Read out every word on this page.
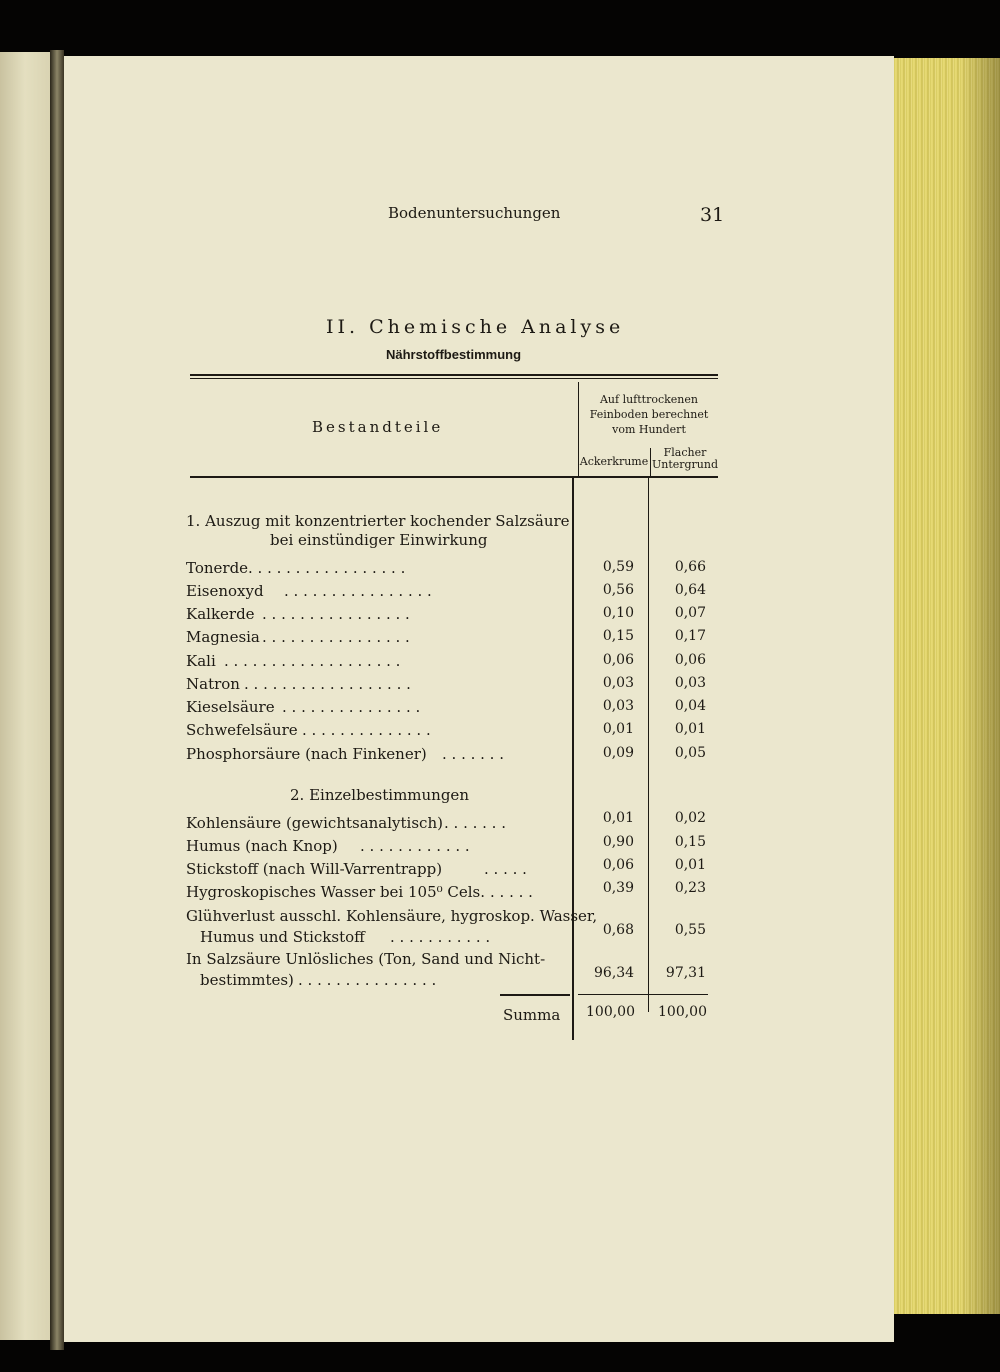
Bodenuntersuchungen	31
II. Chemische Analyse
Nährstoffbestimmung
Bestandteile
Auf lufttrockenen
Feinboden berechnet
vom Hundert
Ackerkrume
Flacher
Untergrund
1. Auszug mit konzentrierter kochender Salzsäure
bei einstündiger Einwirkung
Tonerde . . . . . . . . . . . . . . . . .	0,59	0,66
Eisenoxyd . . . . . . . . . . . . . . . .	0,56	0,64
Kalkerde . . . . . . . . . . . . . . . .	0,10	0,07
Magnesia . . . . . . . . . . . . . . . .	0,15	0,17
Kali . . . . . . . . . . . . . . . . . . .	0,06	0,06
Natron . . . . . . . . . . . . . . . . . .	0,03	0,03
Kieselsäure . . . . . . . . . . . . . . .	0,03	0,04
Schwefelsäure . . . . . . . . . . . . . .	0,01	0,01
Phosphorsäure (nach Finkener) . . . . . . .	0,09	0,05
2. Einzelbestimmungen
Kohlensäure (gewichtsanalytisch) . . . . . . .	0,01	0,02
Humus (nach Knop) . . . . . . . . . . . .	0,90	0,15
Stickstoff (nach Will-Varrentrapp)	. . . . .	0,06	0,01
Hygroskopisches Wasser bei 105⁰ Cels. . . . . .	0,39	0,23
Glühverlust ausschl. Kohlensäure, hygroskop. Wasser,
Humus und Stickstoff . . . . . . . . . . .	0,68	0,55
In Salzsäure Unlösliches (Ton, Sand und Nicht-
bestimmtes) . . . . . . . . . . . . . . .	96,34 97,31
Summa 100,00 100,00
